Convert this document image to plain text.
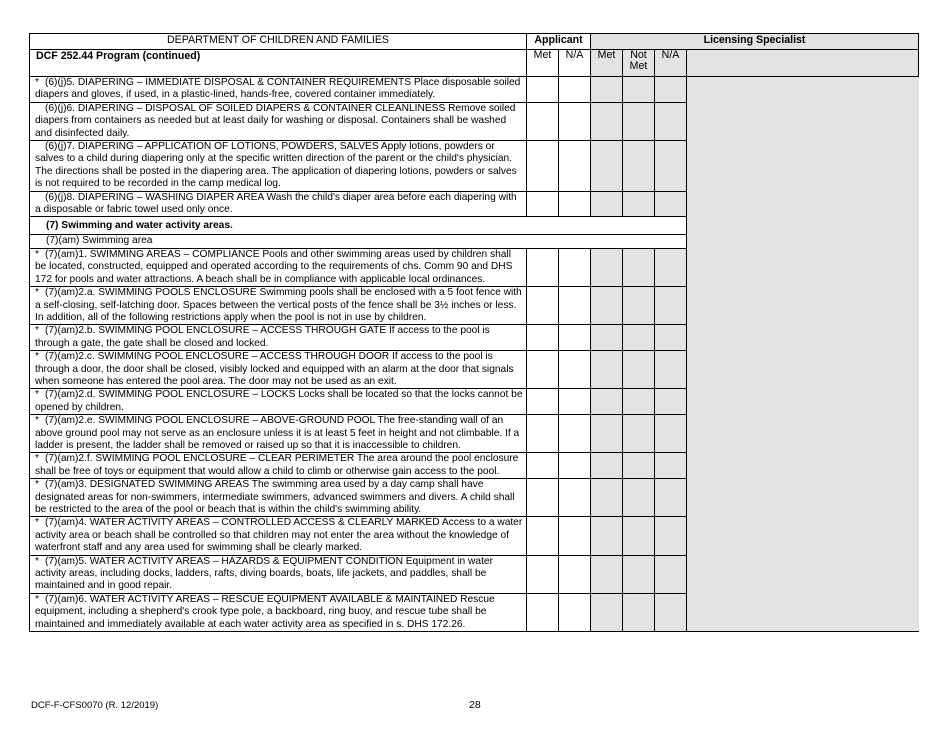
DEPARTMENT OF CHILDREN AND FAMILIES	Applicant		Licensing Specialist			
DCF 252.44 Program (continued)	Met	N/A	Met	Not Met	N/A	
* (6)(j)5. DIAPERING – IMMEDIATE DISPOSAL & CONTAINER REQUIREMENTS Place disposable soiled diapers and gloves, if used, in a plastic-lined, hands-free, covered container immediately.						
(6)(j)6. DIAPERING – DISPOSAL OF SOILED DIAPERS & CONTAINER CLEANLINESS Remove soiled diapers from containers as needed but at least daily for washing or disposal. Containers shall be washed and disinfected daily.						
(6)(j)7. DIAPERING – APPLICATION OF LOTIONS, POWDERS, SALVES Apply lotions, powders or salves to a child during diapering only at the specific written direction of the parent or the child's physician. The directions shall be posted in the diapering area. The application of diapering lotions, powders or salves is not required to be recorded in the camp medical log.						
(6)(j)8. DIAPERING – WASHING DIAPER AREA Wash the child's diaper area before each diapering with a disposable or fabric towel used only once.						
(7) Swimming and water activity areas.						
(7)(am) Swimming area						
* (7)(am)1. SWIMMING AREAS – COMPLIANCE Pools and other swimming areas used by children shall be located, constructed, equipped and operated according to the requirements of chs. Comm 90 and DHS 172 for pools and water attractions. A beach shall be in compliance with applicable local ordinances.						
* (7)(am)2.a. SWIMMING POOLS ENCLOSURE Swimming pools shall be enclosed with a 5 foot fence with a self-closing, self-latching door. Spaces between the vertical posts of the fence shall be 3½ inches or less. In addition, all of the following restrictions apply when the pool is not in use by children.						
* (7)(am)2.b. SWIMMING POOL ENCLOSURE – ACCESS THROUGH GATE If access to the pool is through a gate, the gate shall be closed and locked.						
* (7)(am)2.c. SWIMMING POOL ENCLOSURE – ACCESS THROUGH DOOR If access to the pool is through a door, the door shall be closed, visibly locked and equipped with an alarm at the door that signals when someone has entered the pool area. The door may not be used as an exit.						
* (7)(am)2.d. SWIMMING POOL ENCLOSURE – LOCKS Locks shall be located so that the locks cannot be opened by children.						
* (7)(am)2.e. SWIMMING POOL ENCLOSURE – ABOVE-GROUND POOL The free-standing wall of an above ground pool may not serve as an enclosure unless it is at least 5 feet in height and not climbable. If a ladder is present, the ladder shall be removed or raised up so that it is inaccessible to children.						
* (7)(am)2.f. SWIMMING POOL ENCLOSURE – CLEAR PERIMETER The area around the pool enclosure shall be free of toys or equipment that would allow a child to climb or otherwise gain access to the pool.						
* (7)(am)3. DESIGNATED SWIMMING AREAS The swimming area used by a day camp shall have designated areas for non-swimmers, intermediate swimmers, advanced swimmers and divers. A child shall be restricted to the area of the pool or beach that is within the child's swimming ability.						
* (7)(am)4. WATER ACTIVITY AREAS – CONTROLLED ACCESS & CLEARLY MARKED Access to a water activity area or beach shall be controlled so that children may not enter the area without the knowledge of waterfront staff and any area used for swimming shall be clearly marked.						
* (7)(am)5. WATER ACTIVITY AREAS – HAZARDS & EQUIPMENT CONDITION Equipment in water activity areas, including docks, ladders, rafts, diving boards, boats, life jackets, and paddles, shall be maintained and in good repair.						
* (7)(am)6. WATER ACTIVITY AREAS – RESCUE EQUIPMENT AVAILABLE & MAINTAINED Rescue equipment, including a shepherd's crook type pole, a backboard, ring buoy, and rescue tube shall be maintained and immediately available at each water activity area as specified in s. DHS 172.26.						
DCF-F-CFS0070 (R. 12/2019)	28
